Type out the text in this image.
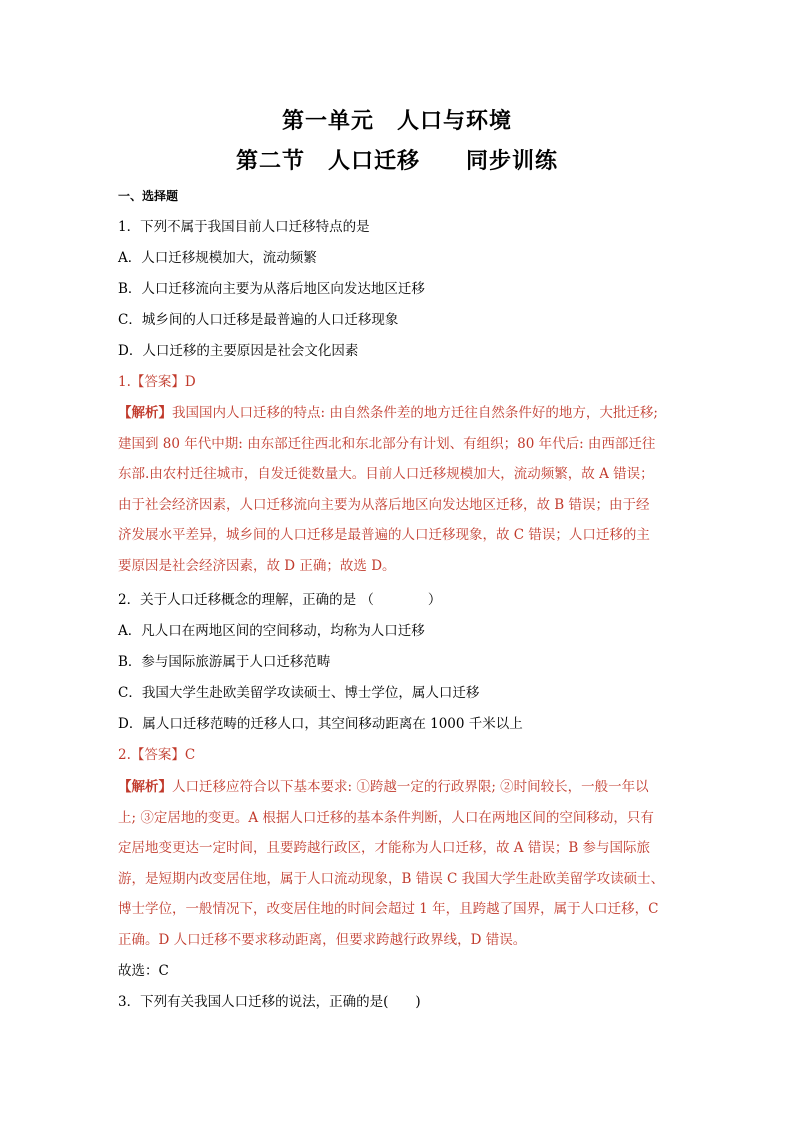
第一单元　人口与环境
第二节　人口迁移　　同步训练
一、选择题
1．下列不属于我国目前人口迁移特点的是
A．人口迁移规模加大，流动频繁
B．人口迁移流向主要为从落后地区向发达地区迁移
C．城乡间的人口迁移是最普遍的人口迁移现象
D．人口迁移的主要原因是社会文化因素
1.【答案】D
【解析】我国国内人口迁移的特点: 由自然条件差的地方迁往自然条件好的地方，大批迁移;
建国到 80 年代中期: 由东部迁往西北和东北部分有计划、有组织；80 年代后: 由西部迁往
东部.由农村迁往城市，自发迁徙数量大。目前人口迁移规模加大，流动频繁，故 A 错误；
由于社会经济因素，人口迁移流向主要为从落后地区向发达地区迁移，故 B 错误；由于经
济发展水平差异，城乡间的人口迁移是最普遍的人口迁移现象，故 C 错误；人口迁移的主
要原因是社会经济因素，故 D 正确；故选 D。
2．关于人口迁移概念的理解，正确的是 （　　　　）
A．凡人口在两地区间的空间移动，均称为人口迁移
B．参与国际旅游属于人口迁移范畴
C．我国大学生赴欧美留学攻读硕士、博士学位，属人口迁移
D．属人口迁移范畴的迁移人口，其空间移动距离在 1000 千米以上
2.【答案】C
【解析】人口迁移应符合以下基本要求: ①跨越一定的行政界限; ②时间较长，一般一年以
上; ③定居地的变更。A 根据人口迁移的基本条件判断，人口在两地区间的空间移动，只有
定居地变更达一定时间，且要跨越行政区，才能称为人口迁移，故 A 错误；B 参与国际旅
游，是短期内改变居住地，属于人口流动现象，B 错误 C 我国大学生赴欧美留学攻读硕士、
博士学位，一般情况下，改变居住地的时间会超过 1 年，且跨越了国界，属于人口迁移，C
正确。D 人口迁移不要求移动距离，但要求跨越行政界线，D 错误。
故选：C
3．下列有关我国人口迁移的说法，正确的是(　　)
